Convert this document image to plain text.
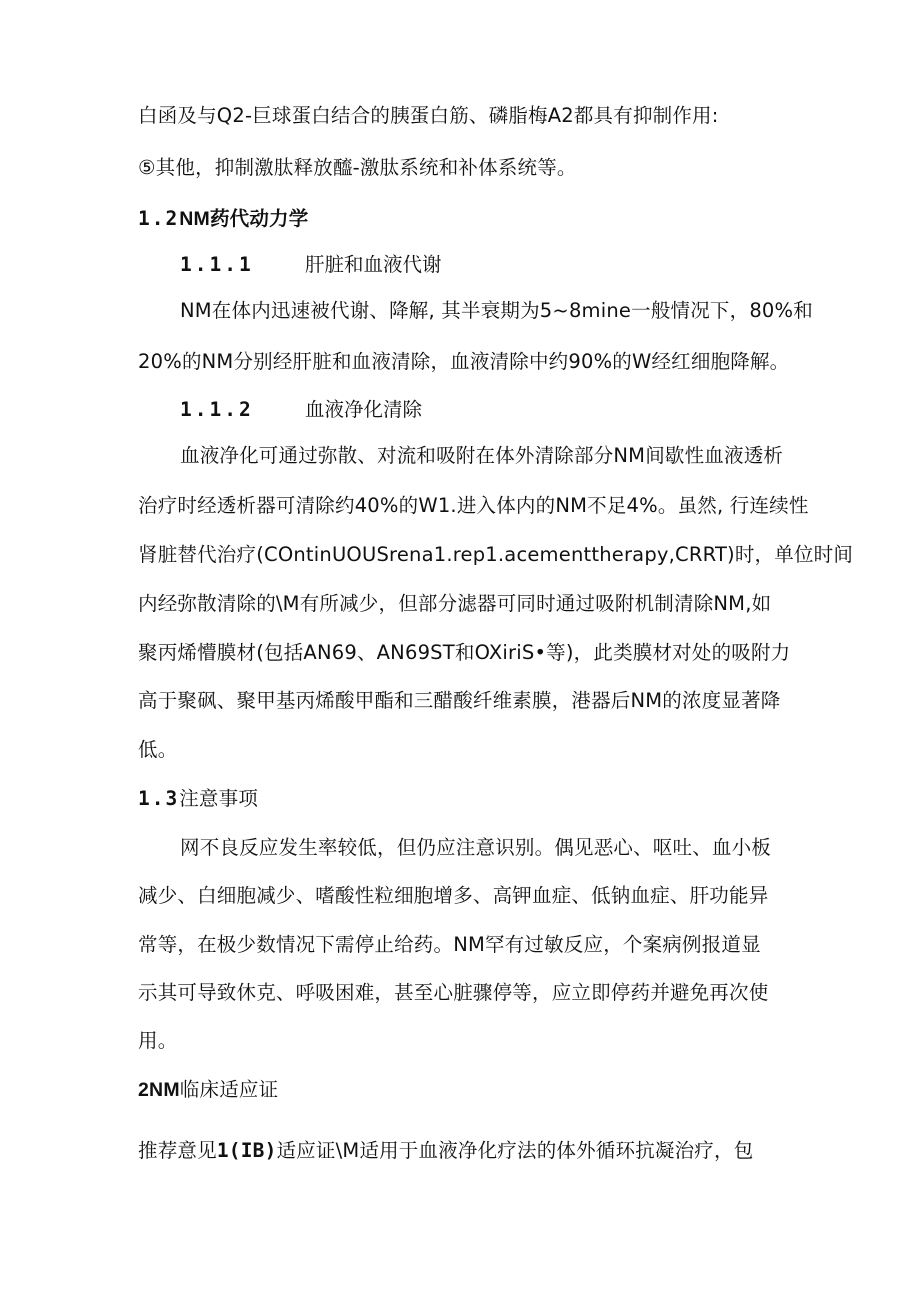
白函及与Q2-巨球蛋白结合的胰蛋白筋、磷脂梅A2都具有抑制作用:
⑤其他，抑制激肽释放醯-激肽系统和补体系统等。
1.2NM药代动力学
1.1.1	肝脏和血液代谢
NM在体内迅速被代谢、降解, 其半衰期为5~8mine一般情况下，80%和
20%的NM分别经肝脏和血液清除，血液清除中约90%的W经红细胞降解。
1.1.2	血液净化清除
血液净化可通过弥散、对流和吸附在体外清除部分NM间歇性血液透析
治疗时经透析器可清除约40%的W1.进入体内的NM不足4%。虽然, 行连续性
肾脏替代治疗(COntinUOUSrena1.rep1.acementtherapy,CRRT)时，单位时间
内经弥散清除的\M有所减少，但部分滤器可同时通过吸附机制清除NM,如
聚丙烯懵膜材(包括AN69、AN69ST和OXiriS•等)，此类膜材对处的吸附力
高于聚砜、聚甲基丙烯酸甲酯和三醋酸纤维素膜，港器后NM的浓度显著降
低。
1.3注意事项
网不良反应发生率较低，但仍应注意识别。偶见恶心、呕吐、血小板
减少、白细胞减少、嗜酸性粒细胞增多、高钾血症、低钠血症、肝功能异
常等，在极少数情况下需停止给药。NM罕有过敏反应，个案病例报道显
示其可导致休克、呼吸困难，甚至心脏骤停等，应立即停药并避免再次使
用。
2NM临床适应证
推荐意见1(IB)适应证\M适用于血液净化疗法的体外循环抗凝治疗，包
